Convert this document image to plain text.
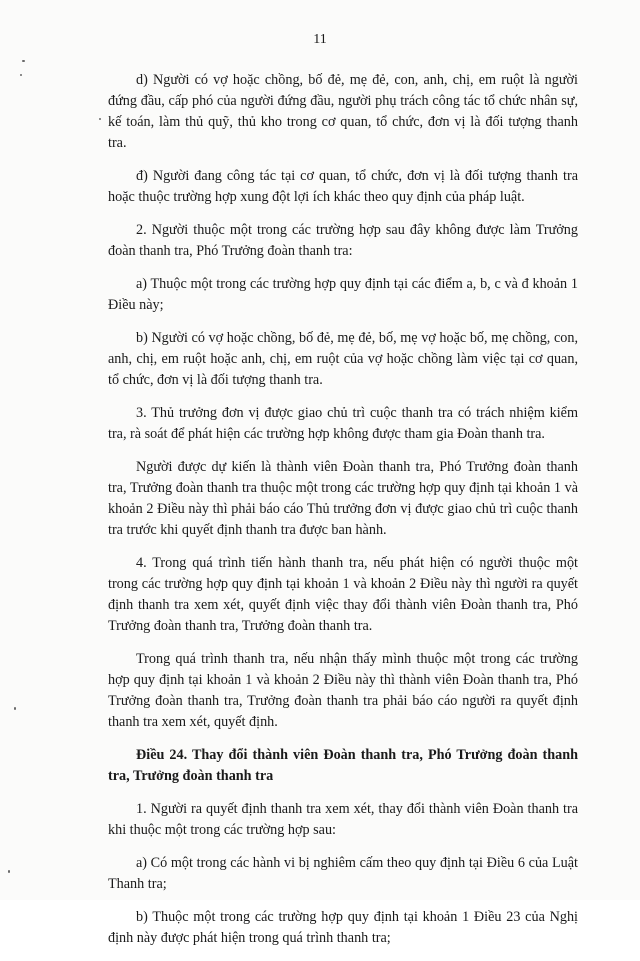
11

d) Người có vợ hoặc chồng, bố đẻ, mẹ đẻ, con, anh, chị, em ruột là người đứng đầu, cấp phó của người đứng đầu, người phụ trách công tác tổ chức nhân sự, kế toán, làm thủ quỹ, thủ kho trong cơ quan, tổ chức, đơn vị là đối tượng thanh tra.

đ) Người đang công tác tại cơ quan, tổ chức, đơn vị là đối tượng thanh tra hoặc thuộc trường hợp xung đột lợi ích khác theo quy định của pháp luật.

2. Người thuộc một trong các trường hợp sau đây không được làm Trưởng đoàn thanh tra, Phó Trưởng đoàn thanh tra:

a) Thuộc một trong các trường hợp quy định tại các điểm a, b, c và đ khoản 1 Điều này;

b) Người có vợ hoặc chồng, bố đẻ, mẹ đẻ, bố, mẹ vợ hoặc bố, mẹ chồng, con, anh, chị, em ruột hoặc anh, chị, em ruột của vợ hoặc chồng làm việc tại cơ quan, tổ chức, đơn vị là đối tượng thanh tra.

3. Thủ trưởng đơn vị được giao chủ trì cuộc thanh tra có trách nhiệm kiểm tra, rà soát để phát hiện các trường hợp không được tham gia Đoàn thanh tra.

Người được dự kiến là thành viên Đoàn thanh tra, Phó Trưởng đoàn thanh tra, Trưởng đoàn thanh tra thuộc một trong các trường hợp quy định tại khoản 1 và khoản 2 Điều này thì phải báo cáo Thủ trưởng đơn vị được giao chủ trì cuộc thanh tra trước khi quyết định thanh tra được ban hành.

4. Trong quá trình tiến hành thanh tra, nếu phát hiện có người thuộc một trong các trường hợp quy định tại khoản 1 và khoản 2 Điều này thì người ra quyết định thanh tra xem xét, quyết định việc thay đổi thành viên Đoàn thanh tra, Phó Trưởng đoàn thanh tra, Trưởng đoàn thanh tra.

Trong quá trình thanh tra, nếu nhận thấy mình thuộc một trong các trường hợp quy định tại khoản 1 và khoản 2 Điều này thì thành viên Đoàn thanh tra, Phó Trưởng đoàn thanh tra, Trưởng đoàn thanh tra phải báo cáo người ra quyết định thanh tra xem xét, quyết định.

Điều 24. Thay đổi thành viên Đoàn thanh tra, Phó Trưởng đoàn thanh tra, Trưởng đoàn thanh tra

1. Người ra quyết định thanh tra xem xét, thay đổi thành viên Đoàn thanh tra khi thuộc một trong các trường hợp sau:

a) Có một trong các hành vi bị nghiêm cấm theo quy định tại Điều 6 của Luật Thanh tra;

b) Thuộc một trong các trường hợp quy định tại khoản 1 Điều 23 của Nghị định này được phát hiện trong quá trình thanh tra;
